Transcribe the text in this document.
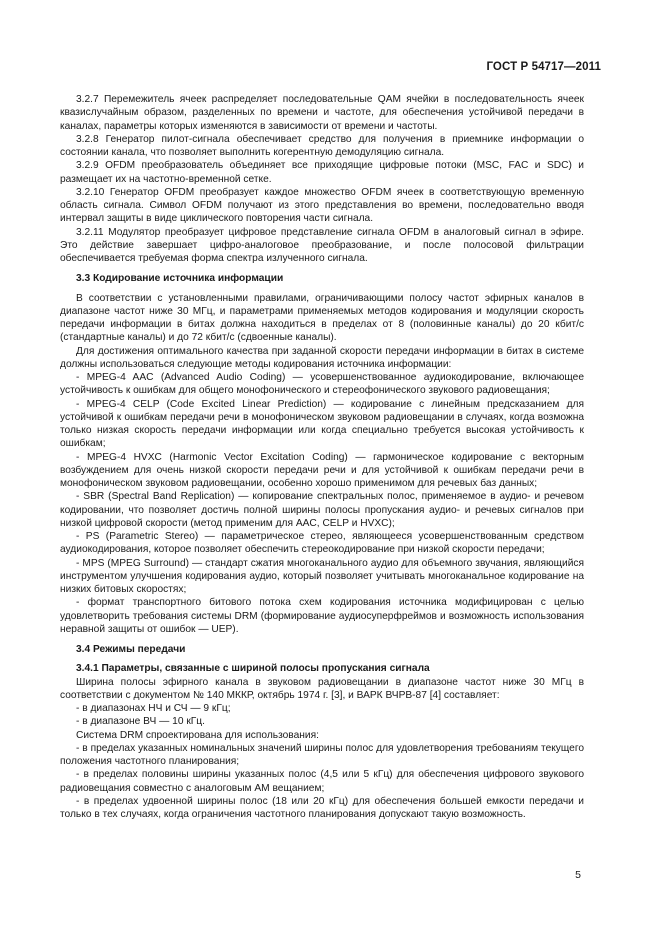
ГОСТ Р 54717—2011

3.2.7 Перемежитель ячеек распределяет последовательные QAM ячейки в последовательность ячеек квазислучайным образом, разделенных по времени и частоте, для обеспечения устойчивой передачи в каналах, параметры которых изменяются в зависимости от времени и частоты.

3.2.8 Генератор пилот-сигнала обеспечивает средство для получения в приемнике информации о состоянии канала, что позволяет выполнить когерентную демодуляцию сигнала.

3.2.9 OFDM преобразователь объединяет все приходящие цифровые потоки (MSC, FAC и SDC) и размещает их на частотно-временной сетке.

3.2.10 Генератор OFDM преобразует каждое множество OFDM ячеек в соответствующую временную область сигнала. Символ OFDM получают из этого представления во времени, последовательно вводя интервал защиты в виде циклического повторения части сигнала.

3.2.11 Модулятор преобразует цифровое представление сигнала OFDM в аналоговый сигнал в эфире. Это действие завершает цифро-аналоговое преобразование, и после полосовой фильтрации обеспечивается требуемая форма спектра излученного сигнала.

3.3 Кодирование источника информации

В соответствии с установленными правилами, ограничивающими полосу частот эфирных каналов в диапазоне частот ниже 30 МГц, и параметрами применяемых методов кодирования и модуляции скорость передачи информации в битах должна находиться в пределах от 8 (половинные каналы) до 20 кбит/с (стандартные каналы) и до 72 кбит/с (сдвоенные каналы).

Для достижения оптимального качества при заданной скорости передачи информации в битах в системе должны использоваться следующие методы кодирования источника информации:

- MPEG-4 AAC (Advanced Audio Coding) — усовершенствованное аудиокодирование, включающее устойчивость к ошибкам для общего монофонического и стереофонического звукового радиовещания;

- MPEG-4 CELP (Code Excited Linear Prediction) — кодирование с линейным предсказанием для устойчивой к ошибкам передачи речи в монофоническом звуковом радиовещании в случаях, когда возможна только низкая скорость передачи информации или когда специально требуется высокая устойчивость к ошибкам;

- MPEG-4 HVXC (Harmonic Vector Excitation Coding) — гармоническое кодирование с векторным возбуждением для очень низкой скорости передачи речи и для устойчивой к ошибкам передачи речи в монофоническом звуковом радиовещании, особенно хорошо применимом для речевых баз данных;

- SBR (Spectral Band Replication) — копирование спектральных полос, применяемое в аудио- и речевом кодировании, что позволяет достичь полной ширины полосы пропускания аудио- и речевых сигналов при низкой цифровой скорости (метод применим для AAC, CELP и HVXC);

- PS (Parametric Stereo) — параметрическое стерео, являющееся усовершенствованным средством аудиокодирования, которое позволяет обеспечить стереокодирование при низкой скорости передачи;

- MPS (MPEG Surround) — стандарт сжатия многоканального аудио для объемного звучания, являющийся инструментом улучшения кодирования аудио, который позволяет учитывать многоканальное кодирование на низких битовых скоростях;

- формат транспортного битового потока схем кодирования источника модифицирован с целью удовлетворить требования системы DRM (формирование аудиосуперфреймов и возможность использования неравной защиты от ошибок — UEP).

3.4 Режимы передачи

3.4.1 Параметры, связанные с шириной полосы пропускания сигнала

Ширина полосы эфирного канала в звуковом радиовещании в диапазоне частот ниже 30 МГц в соответствии с документом № 140 МККР, октябрь 1974 г. [3], и ВАРК ВЧРВ-87 [4] составляет:

- в диапазонах НЧ и СЧ — 9 кГц;

- в диапазоне ВЧ — 10 кГц.

Система DRM спроектирована для использования:

- в пределах указанных номинальных значений ширины полос для удовлетворения требованиям текущего положения частотного планирования;

- в пределах половины ширины указанных полос (4,5 или 5 кГц) для обеспечения цифрового звукового радиовещания совместно с аналоговым АМ вещанием;

- в пределах удвоенной ширины полос (18 или 20 кГц) для обеспечения большей емкости передачи и только в тех случаях, когда ограничения частотного планирования допускают такую возможность.

5
